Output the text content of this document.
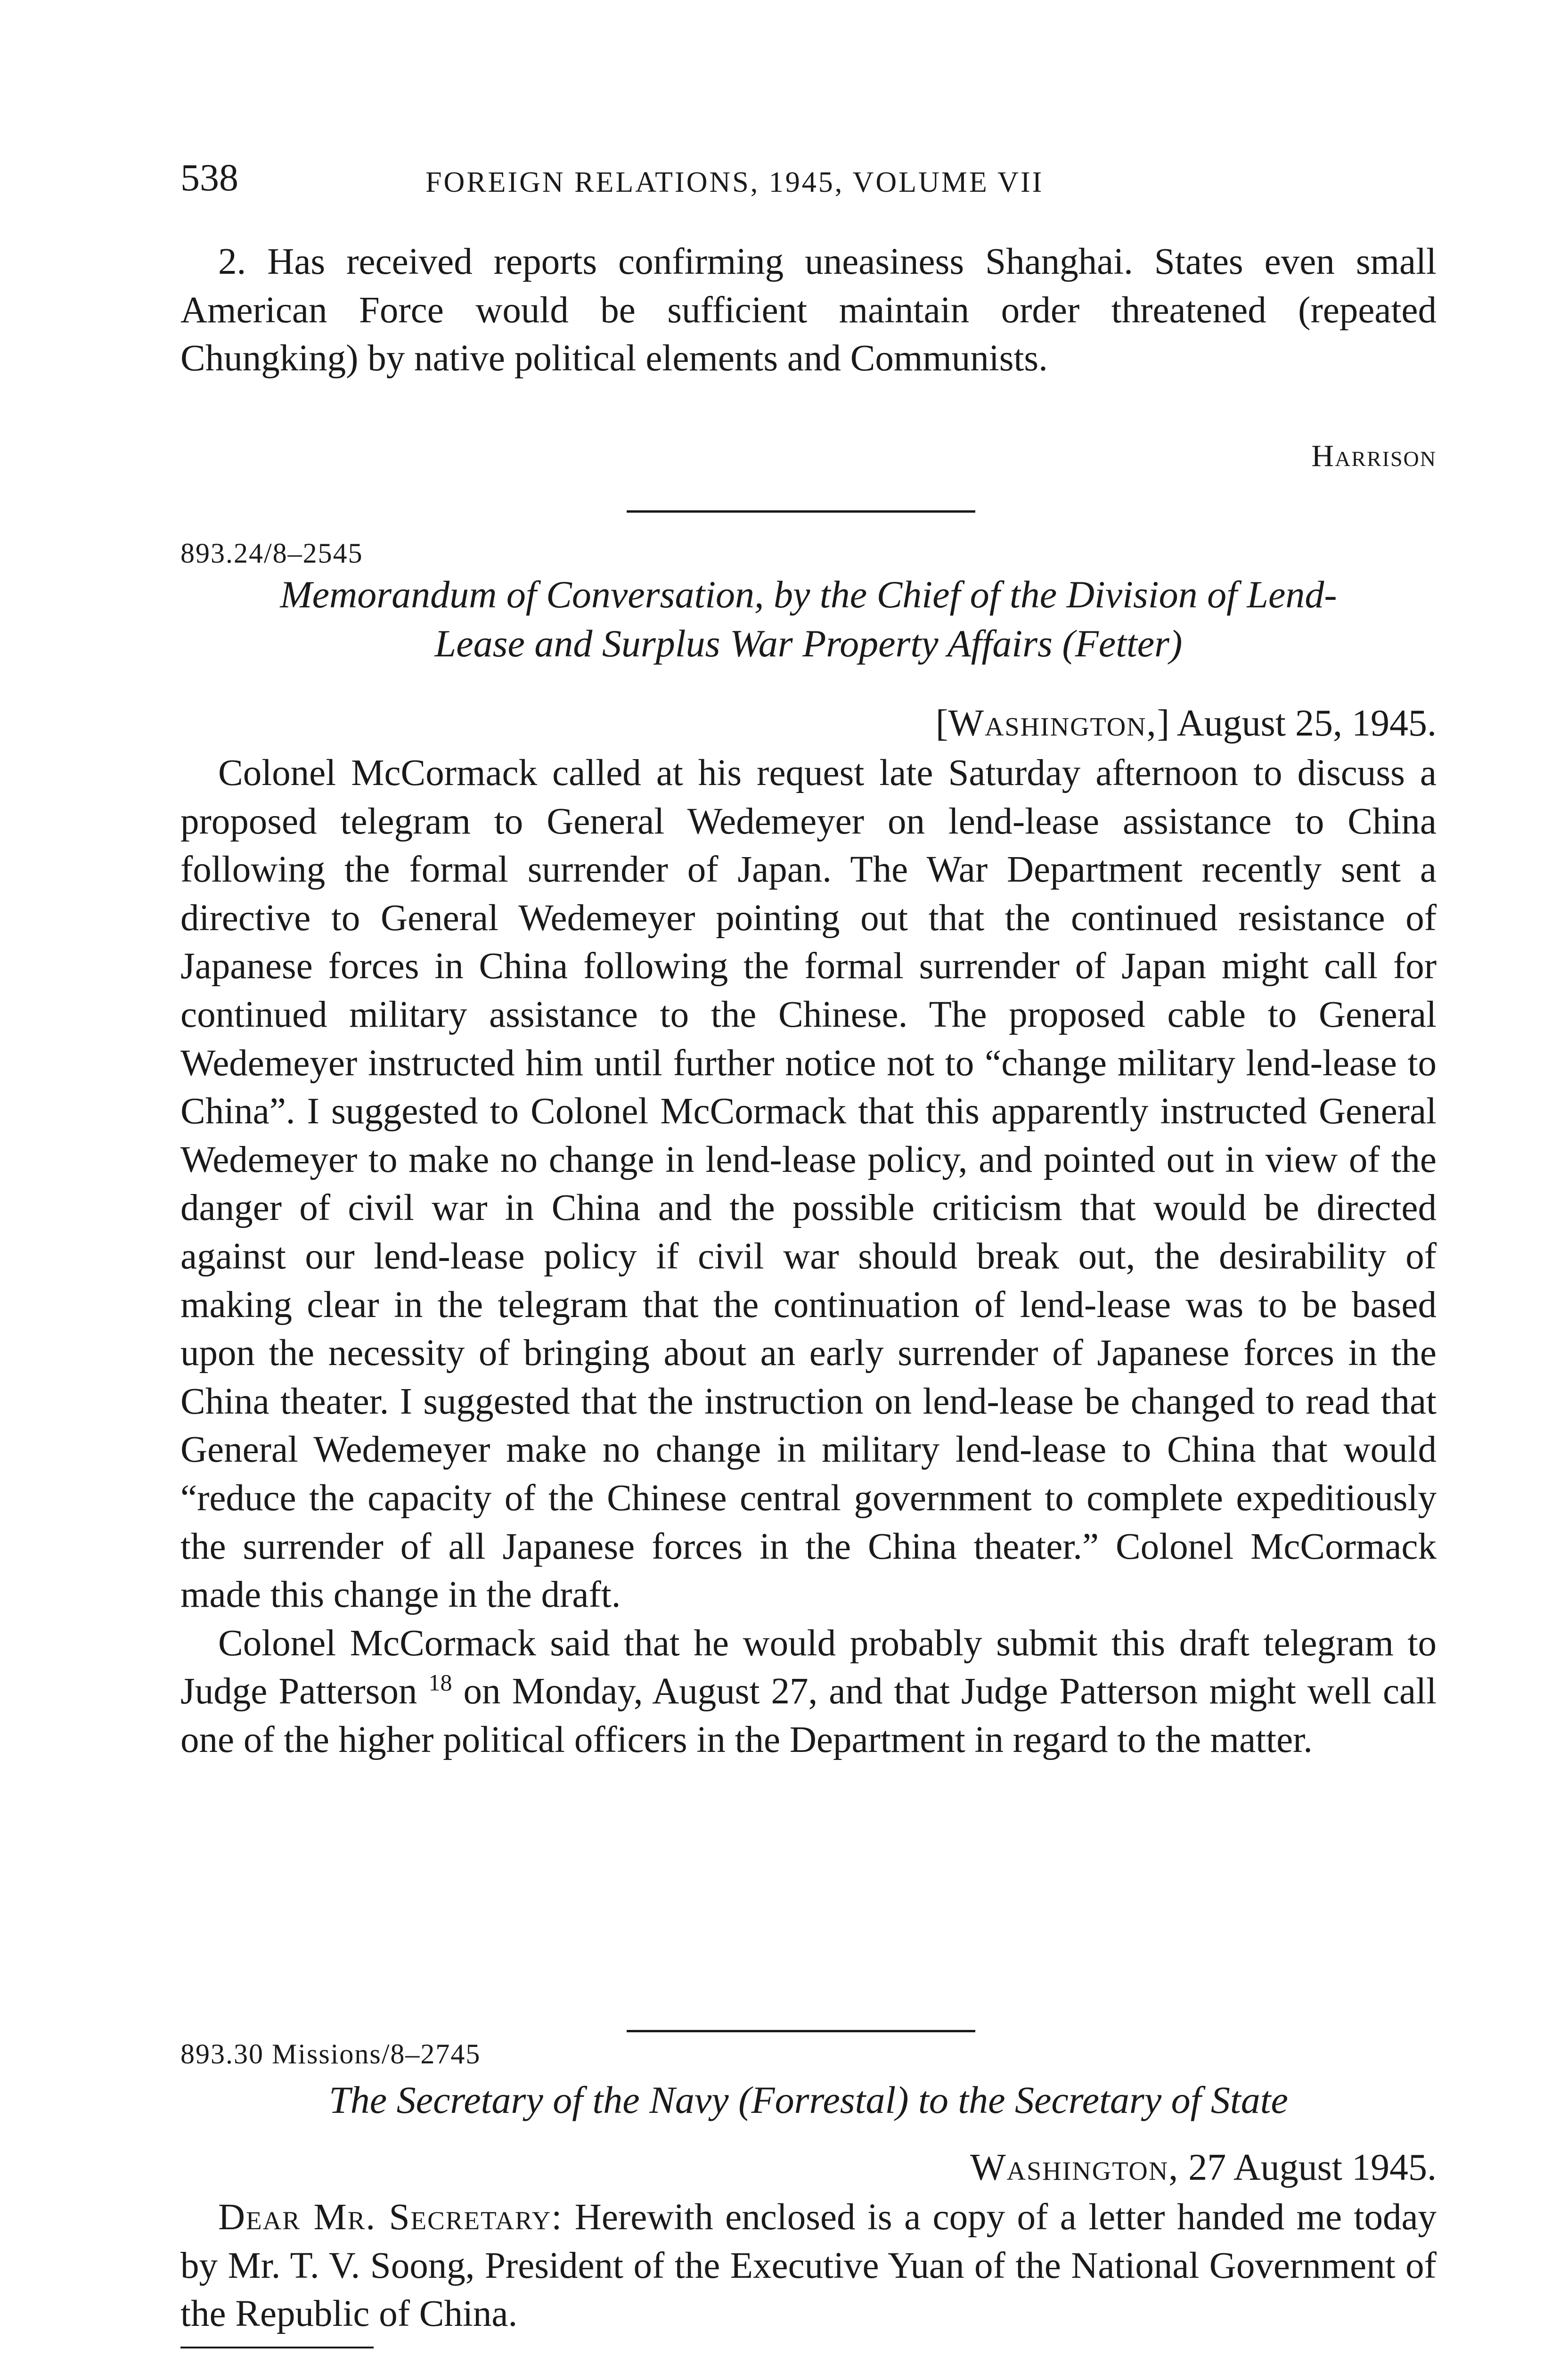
538	FOREIGN RELATIONS, 1945, VOLUME VII

2. Has received reports confirming uneasiness Shanghai. States even small American Force would be sufficient maintain order threatened (repeated Chungking) by native political elements and Communists.

Harrison
893.24/8–2545
Memorandum of Conversation, by the Chief of the Division of Lend-
Lease and Surplus War Property Affairs (Fetter)
[Washington,] August 25, 1945.

Colonel McCormack called at his request late Saturday afternoon to discuss a proposed telegram to General Wedemeyer on lend-lease assistance to China following the formal surrender of Japan. The War Department recently sent a directive to General Wedemeyer pointing out that the continued resistance of Japanese forces in China following the formal surrender of Japan might call for continued military assistance to the Chinese. The proposed cable to General Wedemeyer instructed him until further notice not to “change military lend-lease to China”. I suggested to Colonel McCormack that this apparently instructed General Wedemeyer to make no change in lend-lease policy, and pointed out in view of the danger of civil war in China and the possible criticism that would be directed against our lend-lease policy if civil war should break out, the desirability of making clear in the telegram that the continuation of lend-lease was to be based upon the necessity of bringing about an early surrender of Japanese forces in the China theater. I suggested that the instruction on lend-lease be changed to read that General Wedemeyer make no change in military lend-lease to China that would “reduce the capacity of the Chinese central government to complete expeditiously the surrender of all Japanese forces in the China theater.” Colonel McCormack made this change in the draft.

Colonel McCormack said that he would probably submit this draft telegram to Judge Patterson $^{18}$ on Monday, August 27, and that Judge Patterson might well call one of the higher political officers in the Department in regard to the matter.

893.30 Missions/8–2745
The Secretary of the Navy (Forrestal) to the Secretary of State
Washington, 27 August 1945.

Dear Mr. Secretary: Herewith enclosed is a copy of a letter handed me today by Mr. T. V. Soong, President of the Executive Yuan of the National Government of the Republic of China.
